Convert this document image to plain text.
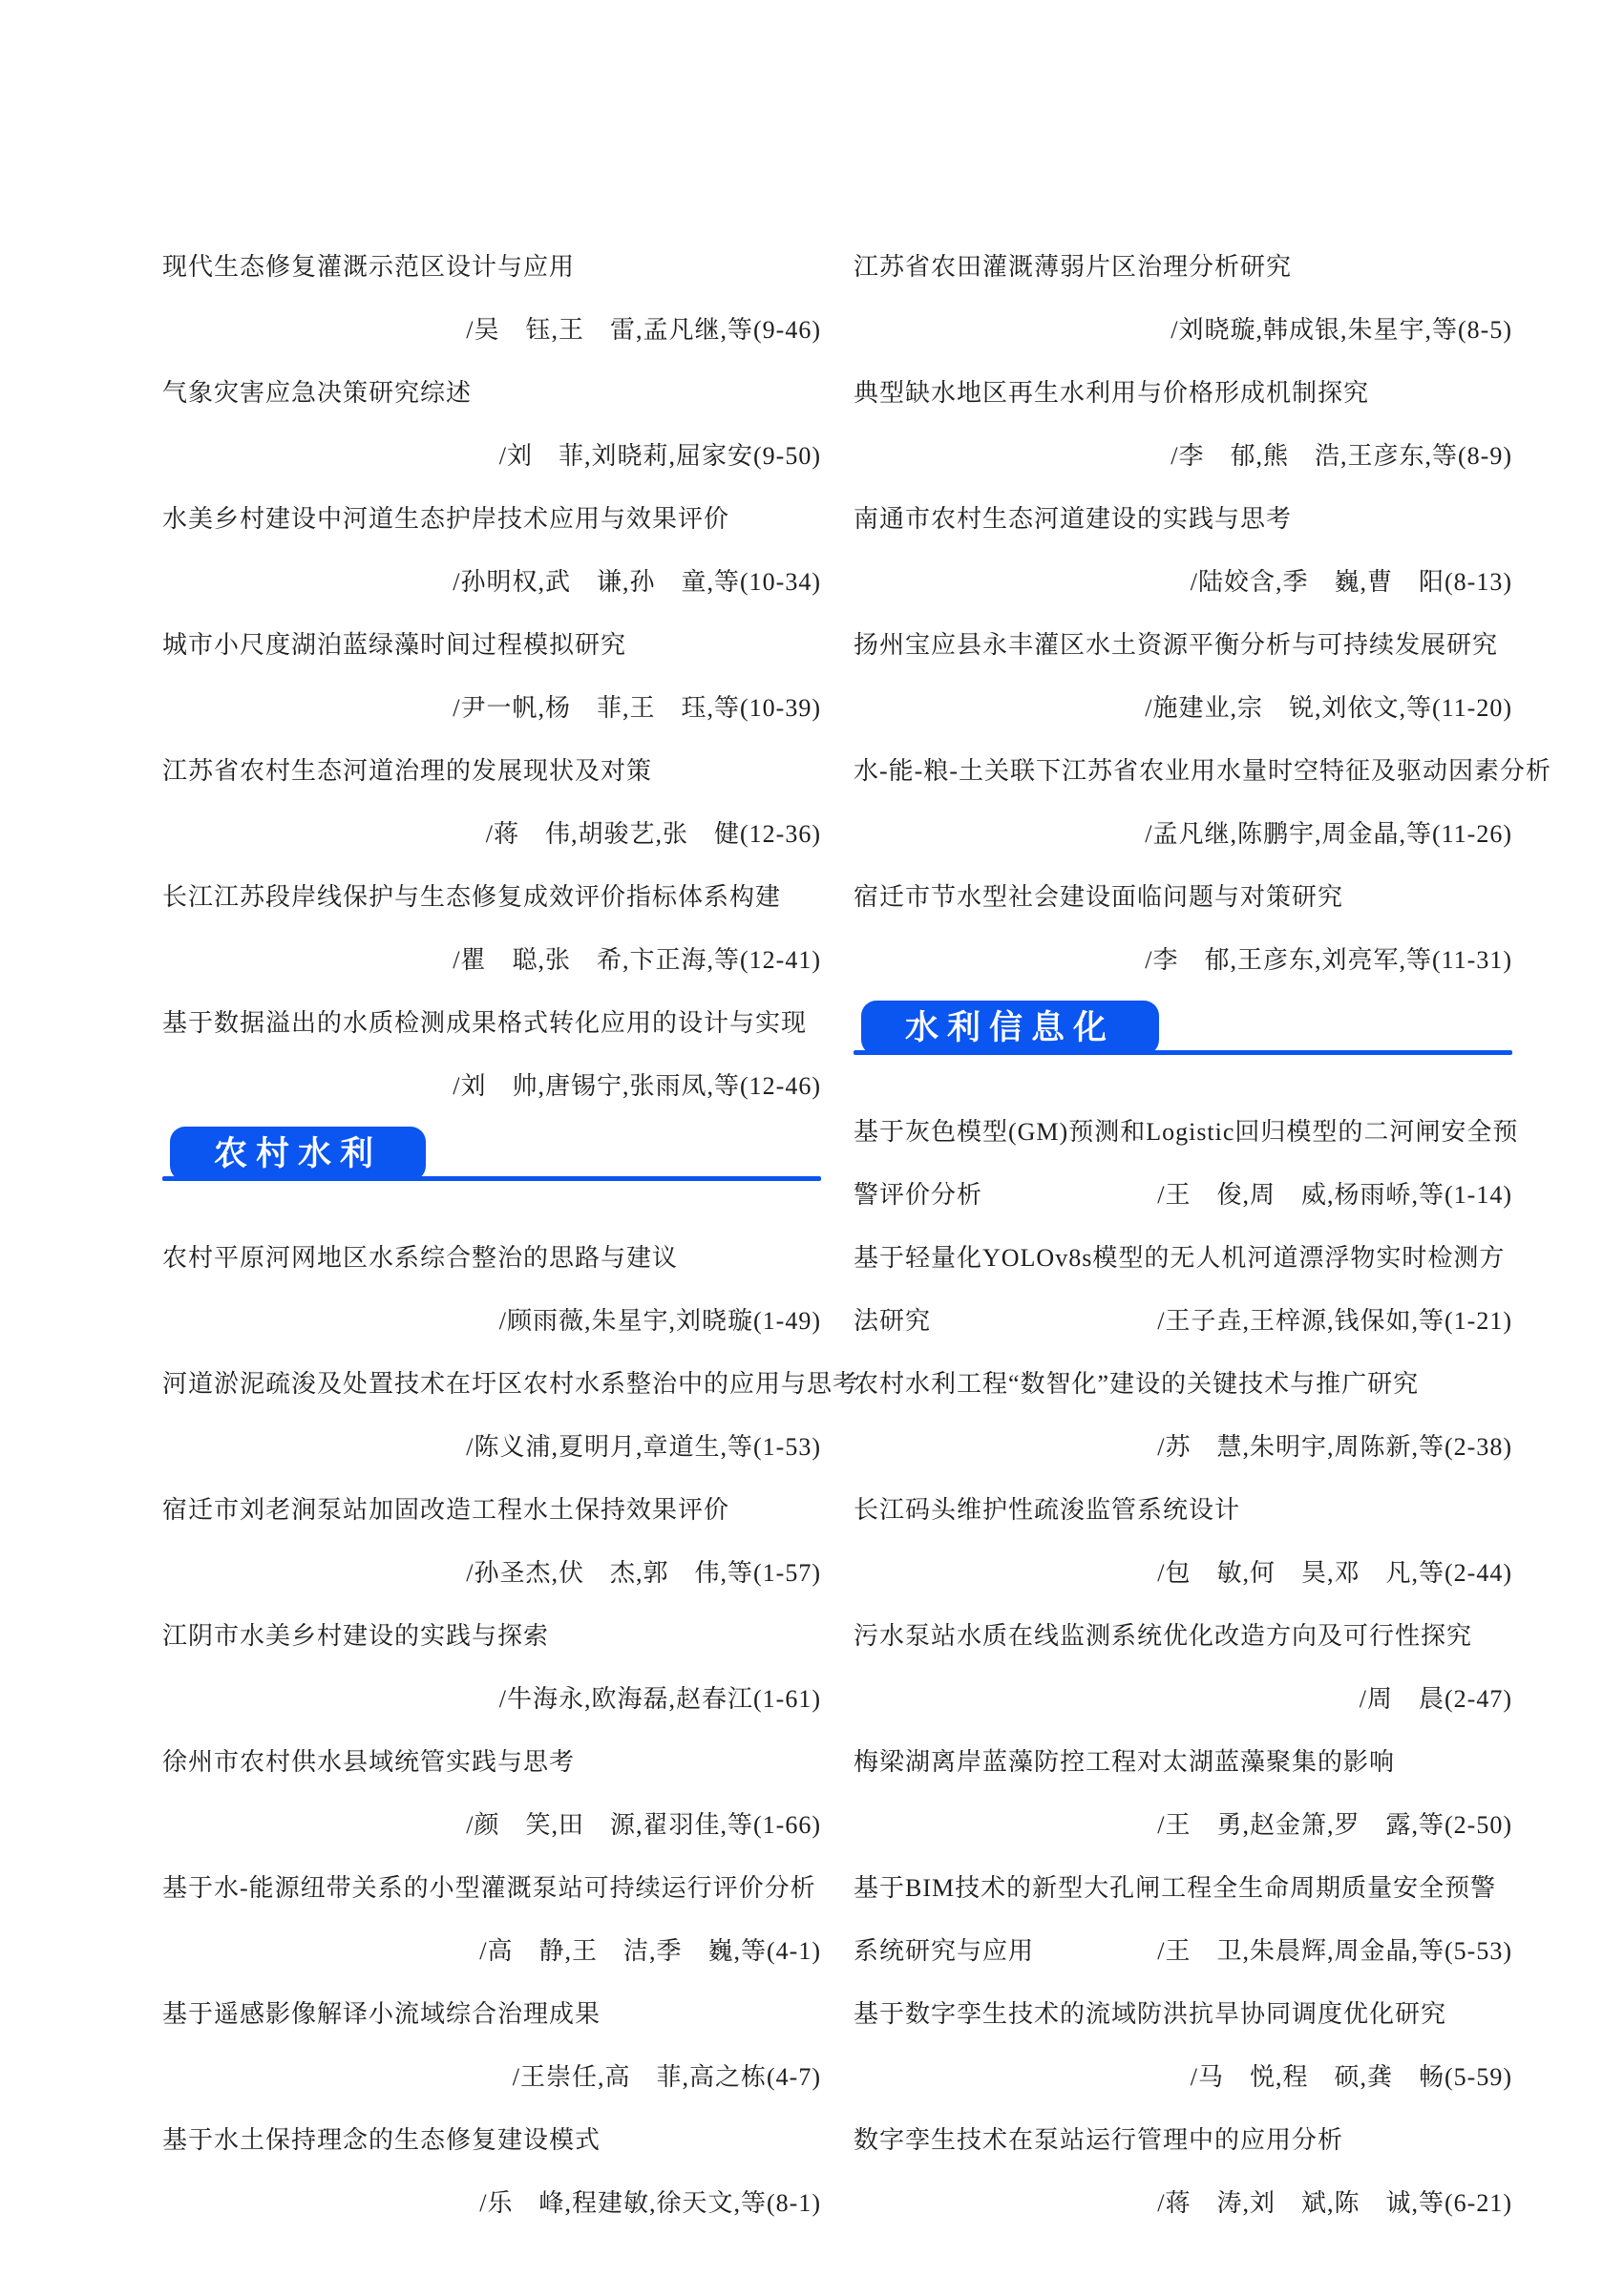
现代生态修复灌溉示范区设计与应用
/吴　钰,王　雷,孟凡继,等(9-46)
气象灾害应急决策研究综述
/刘　菲,刘晓莉,屈家安(9-50)
水美乡村建设中河道生态护岸技术应用与效果评价
/孙明权,武　谦,孙　童,等(10-34)
城市小尺度湖泊蓝绿藻时间过程模拟研究
/尹一帆,杨　菲,王　珏,等(10-39)
江苏省农村生态河道治理的发展现状及对策
/蒋　伟,胡骏艺,张　健(12-36)
长江江苏段岸线保护与生态修复成效评价指标体系构建
/瞿　聪,张　希,卞正海,等(12-41)
基于数据溢出的水质检测成果格式转化应用的设计与实现
/刘　帅,唐锡宁,张雨凤,等(12-46)
农村水利
农村平原河网地区水系综合整治的思路与建议
/顾雨薇,朱星宇,刘晓璇(1-49)
河道淤泥疏浚及处置技术在圩区农村水系整治中的应用与思考
/陈义浦,夏明月,章道生,等(1-53)
宿迁市刘老涧泵站加固改造工程水土保持效果评价
/孙圣杰,伏　杰,郭　伟,等(1-57)
江阴市水美乡村建设的实践与探索
/牛海永,欧海磊,赵春江(1-61)
徐州市农村供水县域统管实践与思考
/颜　笑,田　源,翟羽佳,等(1-66)
基于水-能源纽带关系的小型灌溉泵站可持续运行评价分析
/高　静,王　洁,季　巍,等(4-1)
基于遥感影像解译小流域综合治理成果
/王崇任,高　菲,高之栋(4-7)
基于水土保持理念的生态修复建设模式
/乐　峰,程建敏,徐天文,等(8-1)
江苏省农田灌溉薄弱片区治理分析研究
/刘晓璇,韩成银,朱星宇,等(8-5)
典型缺水地区再生水利用与价格形成机制探究
/李　郁,熊　浩,王彦东,等(8-9)
南通市农村生态河道建设的实践与思考
/陆姣含,季　巍,曹　阳(8-13)
扬州宝应县永丰灌区水土资源平衡分析与可持续发展研究
/施建业,宗　锐,刘依文,等(11-20)
水-能-粮-土关联下江苏省农业用水量时空特征及驱动因素分析
/孟凡继,陈鹏宇,周金晶,等(11-26)
宿迁市节水型社会建设面临问题与对策研究
/李　郁,王彦东,刘亮军,等(11-31)
水利信息化
基于灰色模型(GM)预测和Logistic回归模型的二河闸安全预
警评价分析	/王　俊,周　威,杨雨峤,等(1-14)
基于轻量化YOLOv8s模型的无人机河道漂浮物实时检测方
法研究	/王子垚,王梓源,钱保如,等(1-21)
农村水利工程“数智化”建设的关键技术与推广研究
/苏　慧,朱明宇,周陈新,等(2-38)
长江码头维护性疏浚监管系统设计
/包　敏,何　昊,邓　凡,等(2-44)
污水泵站水质在线监测系统优化改造方向及可行性探究
/周　晨(2-47)
梅梁湖离岸蓝藻防控工程对太湖蓝藻聚集的影响
/王　勇,赵金箫,罗　露,等(2-50)
基于BIM技术的新型大孔闸工程全生命周期质量安全预警
系统研究与应用	/王　卫,朱晨辉,周金晶,等(5-53)
基于数字孪生技术的流域防洪抗旱协同调度优化研究
/马　悦,程　硕,龚　畅(5-59)
数字孪生技术在泵站运行管理中的应用分析
/蒋　涛,刘　斌,陈　诚,等(6-21)
